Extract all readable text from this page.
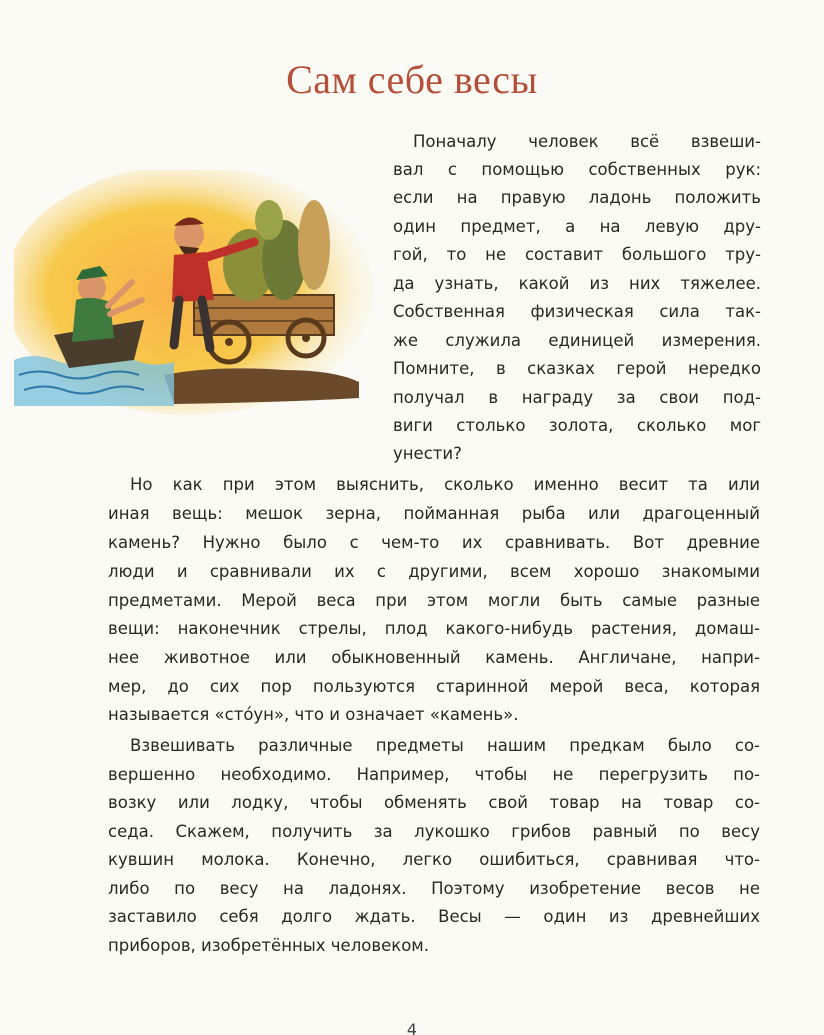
Сам себе весы
Поначалу человек всё взвеши-
вал с помощью собственных рук:
если на правую ладонь положить
один предмет, а на левую дру-
гой, то не составит большого тру-
да узнать, какой из них тяжелее.
Собственная физическая сила так-
же служила единицей измерения.
Помните, в сказках герой нередко
получал в награду за свои под-
виги столько золота, сколько мог
унести?
Но как при этом выяснить, сколько именно весит та или
иная вещь: мешок зерна, пойманная рыба или драгоценный
камень? Нужно было с чем-то их сравнивать. Вот древние
люди и сравнивали их с другими, всем хорошо знакомыми
предметами. Мерой веса при этом могли быть самые разные
вещи: наконечник стрелы, плод какого-нибудь растения, домаш-
нее животное или обыкновенный камень. Англичане, напри-
мер, до сих пор пользуются старинной мерой веса, которая
называется «стóун», что и означает «камень».
Взвешивать различные предметы нашим предкам было со-
вершенно необходимо. Например, чтобы не перегрузить по-
возку или лодку, чтобы обменять свой товар на товар со-
седа. Скажем, получить за лукошко грибов равный по весу
кувшин молока. Конечно, легко ошибиться, сравнивая что-
либо по весу на ладонях. Поэтому изобретение весов не
заставило себя долго ждать. Весы — один из древнейших
приборов, изобретённых человеком.
4
